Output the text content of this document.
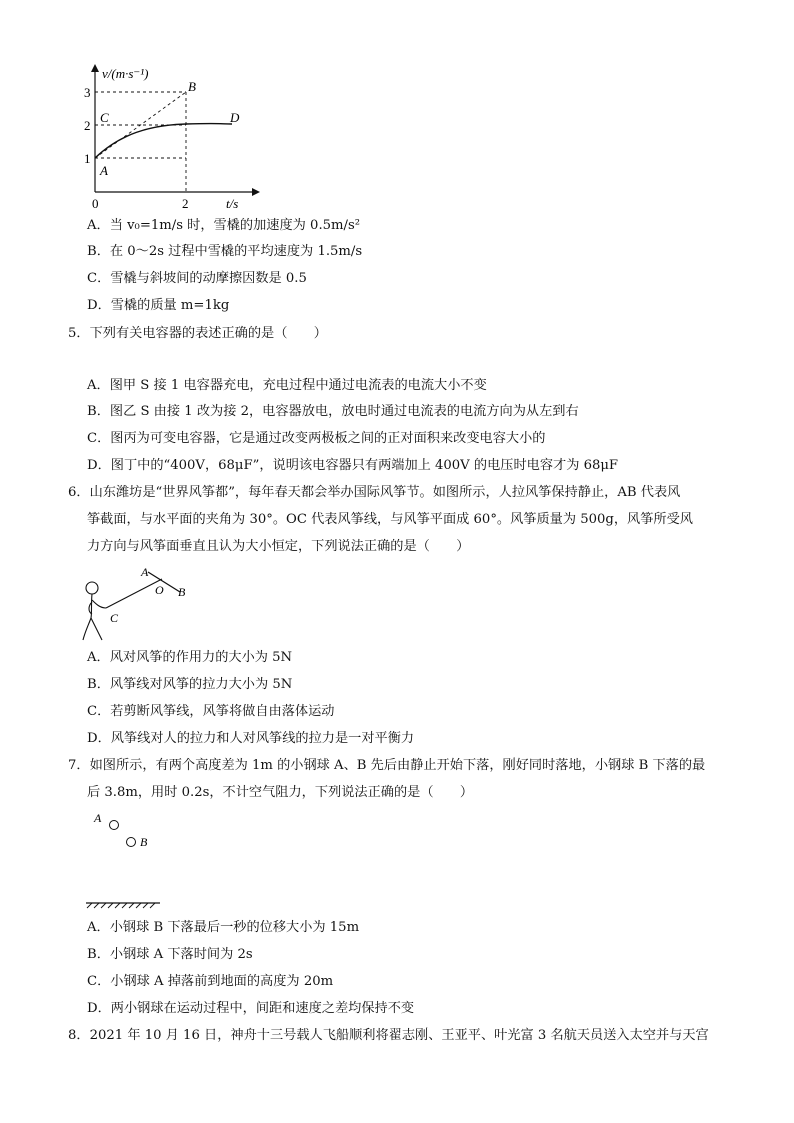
v/(m·s⁻¹)
1
2
3
0	2	t/s
A
B
C	D
A．当 v₀=1m/s 时，雪橇的加速度为 0.5m/s²
B．在 0～2s 过程中雪橇的平均速度为 1.5m/s
C．雪橇与斜坡间的动摩擦因数是 0.5
D．雪橇的质量 m=1kg
5．下列有关电容器的表述正确的是（　　）
A．图甲 S 接 1 电容器充电，充电过程中通过电流表的电流大小不变
B．图乙 S 由接 1 改为接 2，电容器放电，放电时通过电流表的电流方向为从左到右
C．图丙为可变电容器，它是通过改变两极板之间的正对面积来改变电容大小的
D．图丁中的“400V，68μF”，说明该电容器只有两端加上 400V 的电压时电容才为 68μF
6．山东潍坊是“世界风筝都”，每年春天都会举办国际风筝节。如图所示，人拉风筝保持静止，AB 代表风
筝截面，与水平面的夹角为 30°。OC 代表风筝线，与风筝平面成 60°。风筝质量为 500g，风筝所受风
力方向与风筝面垂直且认为大小恒定，下列说法正确的是（　　）
A
O B
C
A．风对风筝的作用力的大小为 5N
B．风筝线对风筝的拉力大小为 5N
C．若剪断风筝线，风筝将做自由落体运动
D．风筝线对人的拉力和人对风筝线的拉力是一对平衡力
7．如图所示，有两个高度差为 1m 的小钢球 A、B 先后由静止开始下落，刚好同时落地，小钢球 B 下落的最
后 3.8m，用时 0.2s，不计空气阻力，下列说法正确的是（　　）
A
B
A．小钢球 B 下落最后一秒的位移大小为 15m
B．小钢球 A 下落时间为 2s
C．小钢球 A 掉落前到地面的高度为 20m
D．两小钢球在运动过程中，间距和速度之差均保持不变
8．2021 年 10 月 16 日，神舟十三号载人飞船顺利将翟志刚、王亚平、叶光富 3 名航天员送入太空并与天宫
